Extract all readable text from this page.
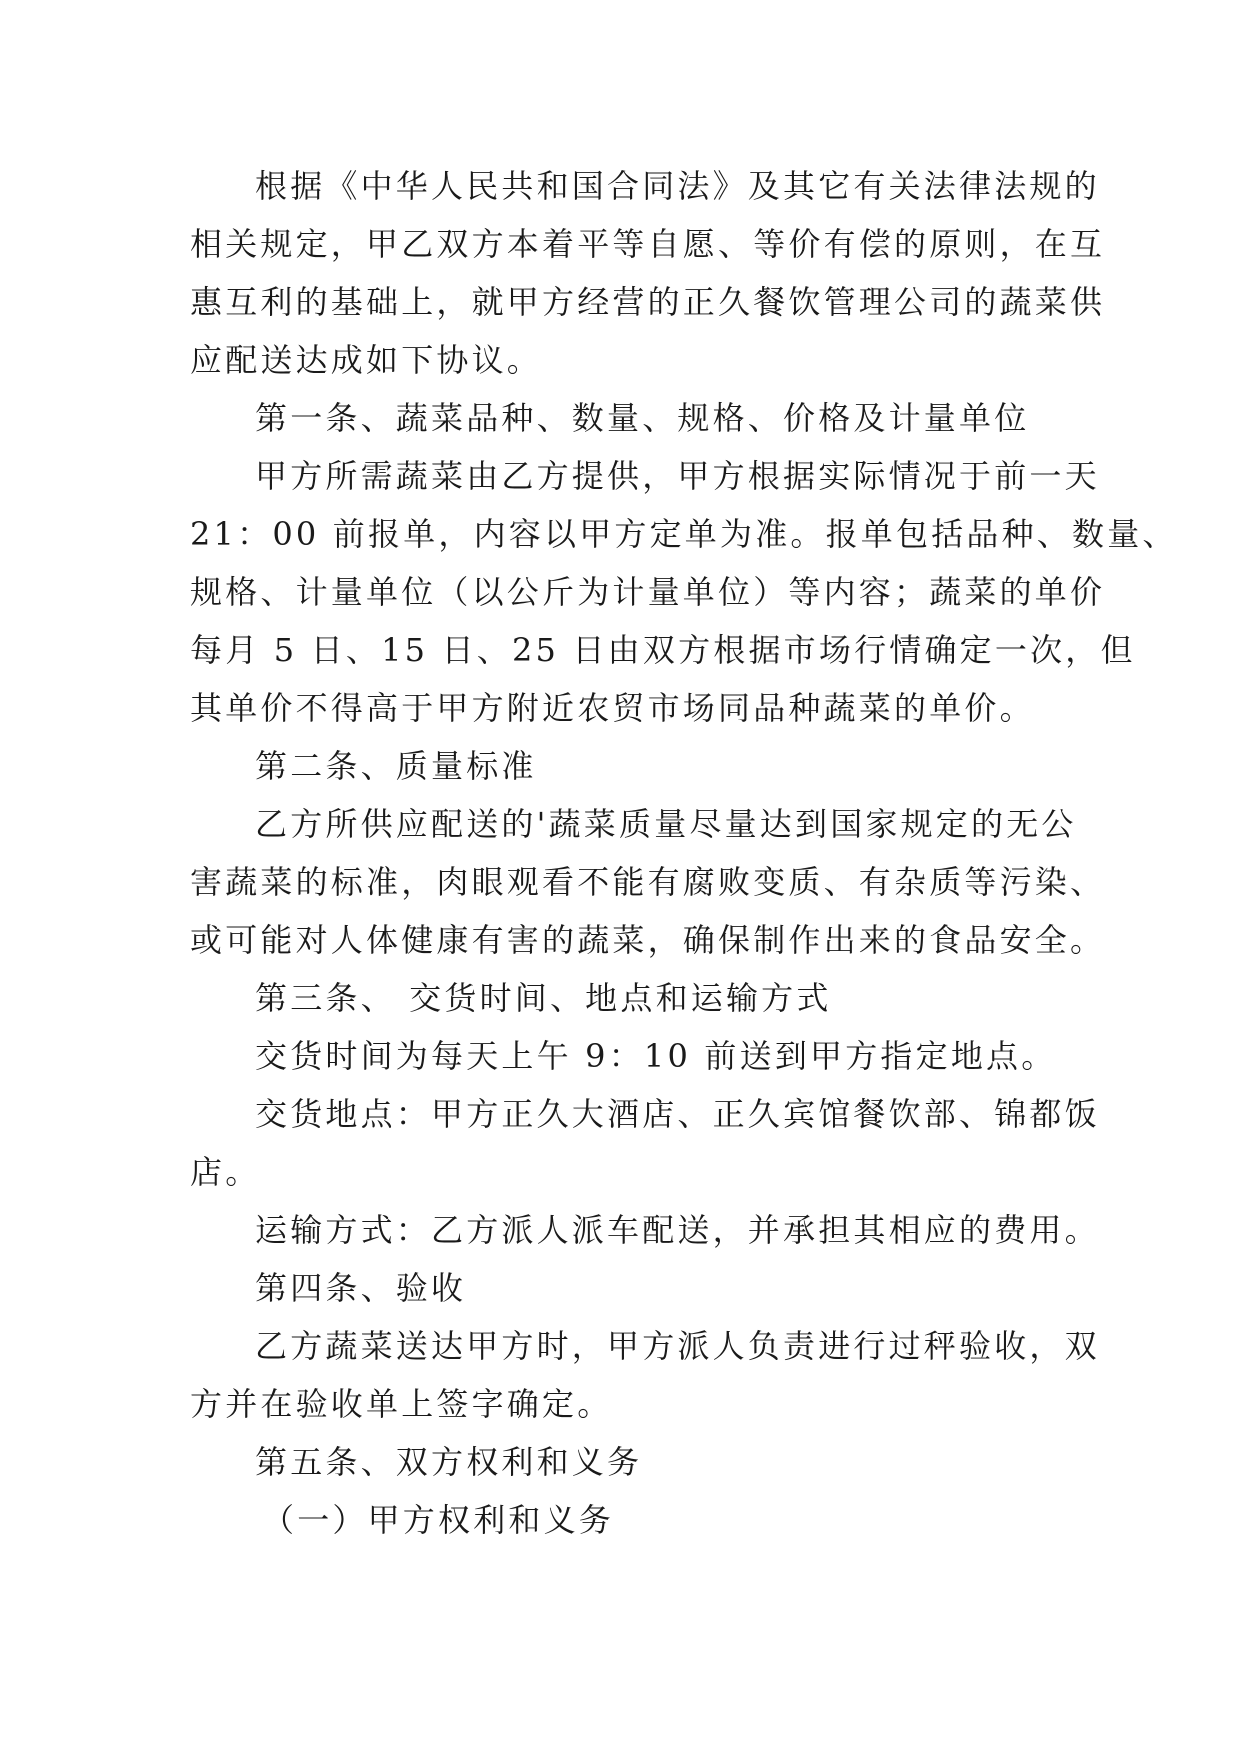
根据《中华人民共和国合同法》及其它有关法律法规的
相关规定，甲乙双方本着平等自愿、等价有偿的原则，在互
惠互利的基础上，就甲方经营的正久餐饮管理公司的蔬菜供
应配送达成如下协议。
第一条、蔬菜品种、数量、规格、价格及计量单位
甲方所需蔬菜由乙方提供，甲方根据实际情况于前一天
21：00 前报单，内容以甲方定单为准。报单包括品种、数量、
规格、计量单位（以公斤为计量单位）等内容；蔬菜的单价
每月 5 日、15 日、25 日由双方根据市场行情确定一次，但
其单价不得高于甲方附近农贸市场同品种蔬菜的单价。
第二条、质量标准
乙方所供应配送的'蔬菜质量尽量达到国家规定的无公
害蔬菜的标准，肉眼观看不能有腐败变质、有杂质等污染、
或可能对人体健康有害的蔬菜，确保制作出来的食品安全。
第三条、 交货时间、地点和运输方式
交货时间为每天上午 9：10 前送到甲方指定地点。
交货地点：甲方正久大酒店、正久宾馆餐饮部、锦都饭
店。
运输方式：乙方派人派车配送，并承担其相应的费用。
第四条、验收
乙方蔬菜送达甲方时，甲方派人负责进行过秤验收，双
方并在验收单上签字确定。
第五条、双方权利和义务
（一）甲方权利和义务
